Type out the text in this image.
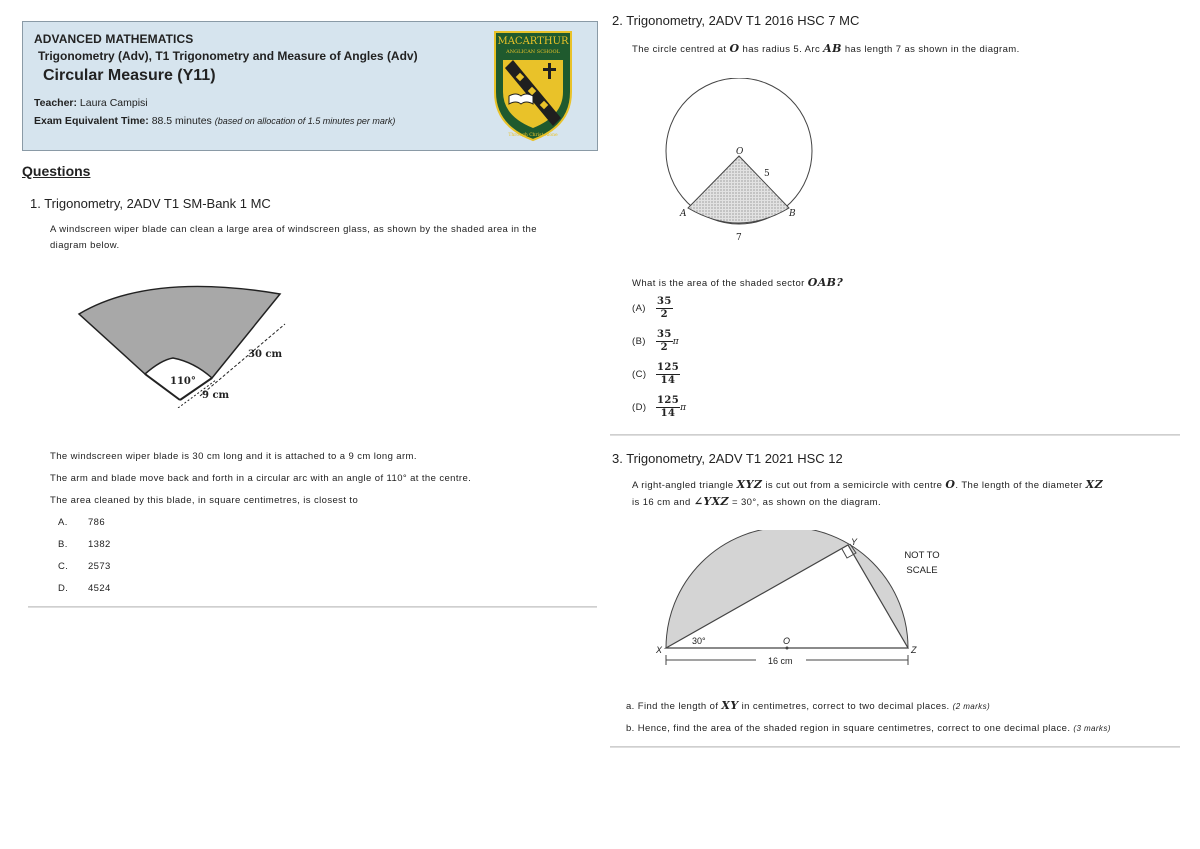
ADVANCED MATHEMATICS
Trigonometry (Adv), T1 Trigonometry and Measure of Angles (Adv)
Circular Measure (Y11)
Teacher: Laura Campisi
Exam Equivalent Time: 88.5 minutes (based on allocation of 1.5 minutes per mark)
MACARTHUR
ANGLICAN SCHOOL
Through Christ Alone
Questions
1. Trigonometry, 2ADV T1 SM-Bank 1 MC
A windscreen wiper blade can clean a large area of windscreen glass, as shown by the shaded area in the
diagram below.
110°
30 cm
9 cm
The windscreen wiper blade is 30 cm long and it is attached to a 9 cm long arm.
The arm and blade move back and forth in a circular arc with an angle of 110° at the centre.
The area cleaned by this blade, in square centimetres, is closest to
A. 786
B. 1382
C. 2573
D. 4524
2. Trigonometry, 2ADV T1 2016 HSC 7 MC
The circle centred at O has radius 5. Arc AB has length 7 as shown in the diagram.
O
5
A	B
7
What is the area of the shaded sector OAB?
(A)	$\frac{35}{2}$
(B)	$\frac{35}{2}$ π
$(C) \frac{125}{14}$
$(D) \frac{125}{14}$ π
3. Trigonometry, 2ADV T1 2021 HSC 12
A right-angled triangle XYZ is cut out from a semicircle with centre O. The length of the diameter XZ
is 16 cm and ∠YXZ = 30°, as shown on the diagram.
X
Y
Z
O
30°
16 cm
NOT TO
SCALE
a. Find the length of XY in centimetres, correct to two decimal places. (2 marks)
b. Hence, find the area of the shaded region in square centimetres, correct to one decimal place. (3 marks)
